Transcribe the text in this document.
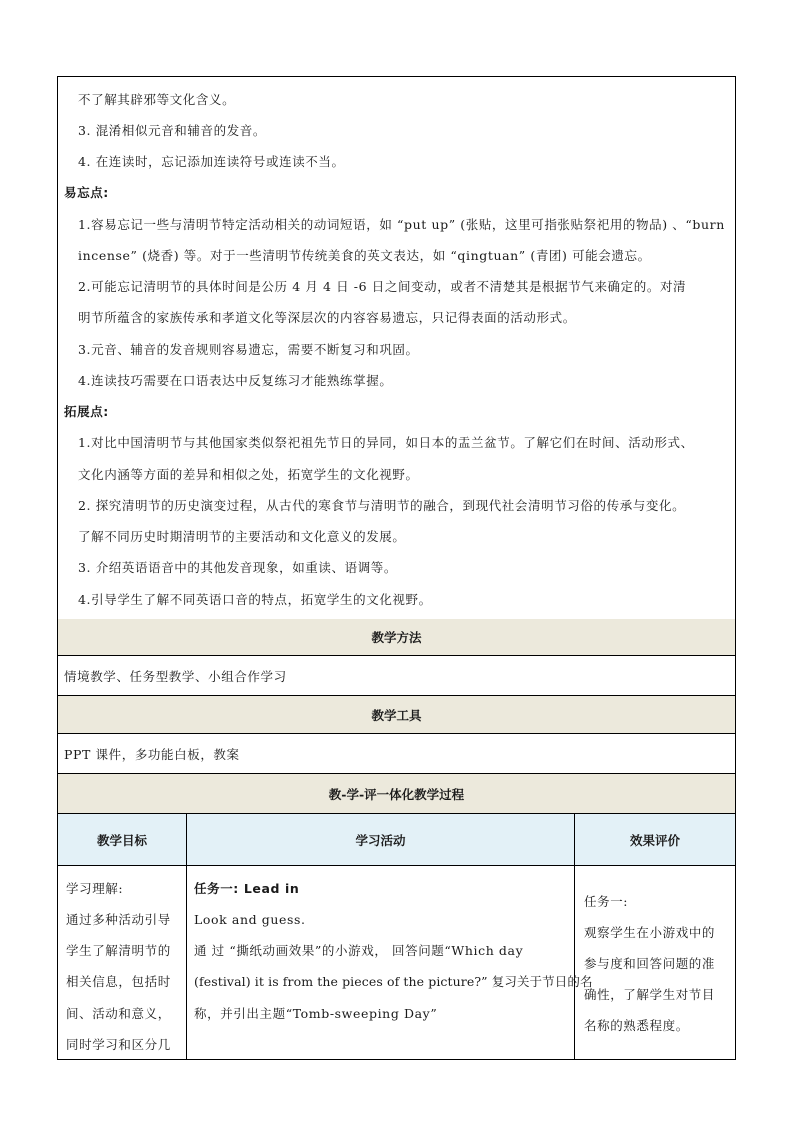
不了解其辟邪等文化含义。
3. 混淆相似元音和辅音的发音。
4. 在连读时，忘记添加连读符号或连读不当。
易忘点:
1.容易忘记一些与清明节特定活动相关的动词短语，如 “put up” (张贴，这里可指张贴祭祀用的物品) 、“burn
incense” (烧香) 等。对于一些清明节传统美食的英文表达，如 “qingtuan” (青团) 可能会遗忘。
2.可能忘记清明节的具体时间是公历 4 月 4 日 -6 日之间变动，或者不清楚其是根据节气来确定的。对清
明节所蕴含的家族传承和孝道文化等深层次的内容容易遗忘，只记得表面的活动形式。
3.元音、辅音的发音规则容易遗忘，需要不断复习和巩固。
4.连读技巧需要在口语表达中反复练习才能熟练掌握。
拓展点:
1.对比中国清明节与其他国家类似祭祀祖先节日的异同，如日本的盂兰盆节。了解它们在时间、活动形式、
文化内涵等方面的差异和相似之处，拓宽学生的文化视野。
2. 探究清明节的历史演变过程，从古代的寒食节与清明节的融合，到现代社会清明节习俗的传承与变化。
了解不同历史时期清明节的主要活动和文化意义的发展。
3. 介绍英语语音中的其他发音现象，如重读、语调等。
4.引导学生了解不同英语口音的特点，拓宽学生的文化视野。
教学方法
情境教学、任务型教学、小组合作学习
教学工具
PPT 课件，多功能白板，教案
教-学-评一体化教学过程
教学目标	学习活动	效果评价
学习理解:
通过多种活动引导
学生了解清明节的
相关信息，包括时
间、活动和意义，
同时学习和区分几
任务一: Lead in
Look and guess.
通 过 “撕纸动画效果”的小游戏， 回答问题“Which day
(festival) it is from the pieces of the picture?” 复习关于节日的名
称，并引出主题“Tomb-sweeping Day”
任务一:
观察学生在小游戏中的
参与度和回答问题的准
确性，了解学生对节目
名称的熟悉程度。
